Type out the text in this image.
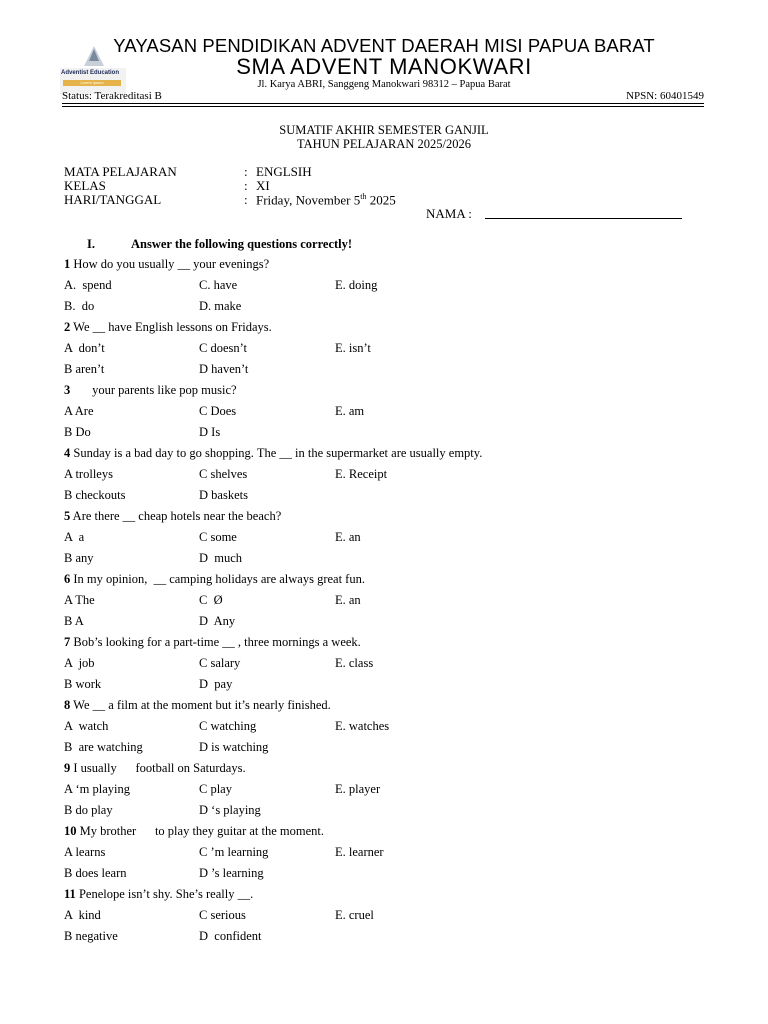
YAYASAN PENDIDIKAN ADVENT DAERAH MISI PAPUA BARAT
Adventist Education
Lorem ipsum
SMA ADVENT MANOKWARI
Jl. Karya ABRI, Sanggeng Manokwari 98312 – Papua Barat
Status: Terakreditasi B	NPSN: 60401549
SUMATIF AKHIR SEMESTER GANJIL
TAHUN PELAJARAN 2025/2026
MATA PELAJARAN	: ENGLSIH
KELAS	: XI
HARI/TANGGAL	: Friday, November 5th 2025
NAMA :
I.	Answer the following questions correctly!
1 How do you usually __ your evenings?
A.  spend	C. have	E. doing
B.  do	D. make
2 We __ have English lessons on Fridays.
A  don’t	C doesn’t	E. isn’t
B aren’t	D haven’t
3       your parents like pop music?
A Are	C Does	E. am
B Do	D Is
4 Sunday is a bad day to go shopping. The __ in the supermarket are usually empty.
A trolleys	C shelves	E. Receipt
B checkouts	D baskets
5 Are there __ cheap hotels near the beach?
A  a	C some	E. an
B any	D  much
6 In my opinion,  __ camping holidays are always great fun.
A The	C  Ø	E. an
B A	D  Any
7 Bob’s looking for a part-time __ , three mornings a week.
A  job	C salary	E. class
B work	D  pay
8 We __ a film at the moment but it’s nearly finished.
A  watch	C watching	E. watches
B  are watching	D is watching
9 I usually      football on Saturdays.
A ‘m playing	C play	E. player
B do play	D ‘s playing
10 My brother      to play they guitar at the moment.
A learns	C ’m learning	E. learner
B does learn	D ’s learning
11 Penelope isn’t shy. She’s really __.
A  kind	C serious	E. cruel
B negative	D  confident
